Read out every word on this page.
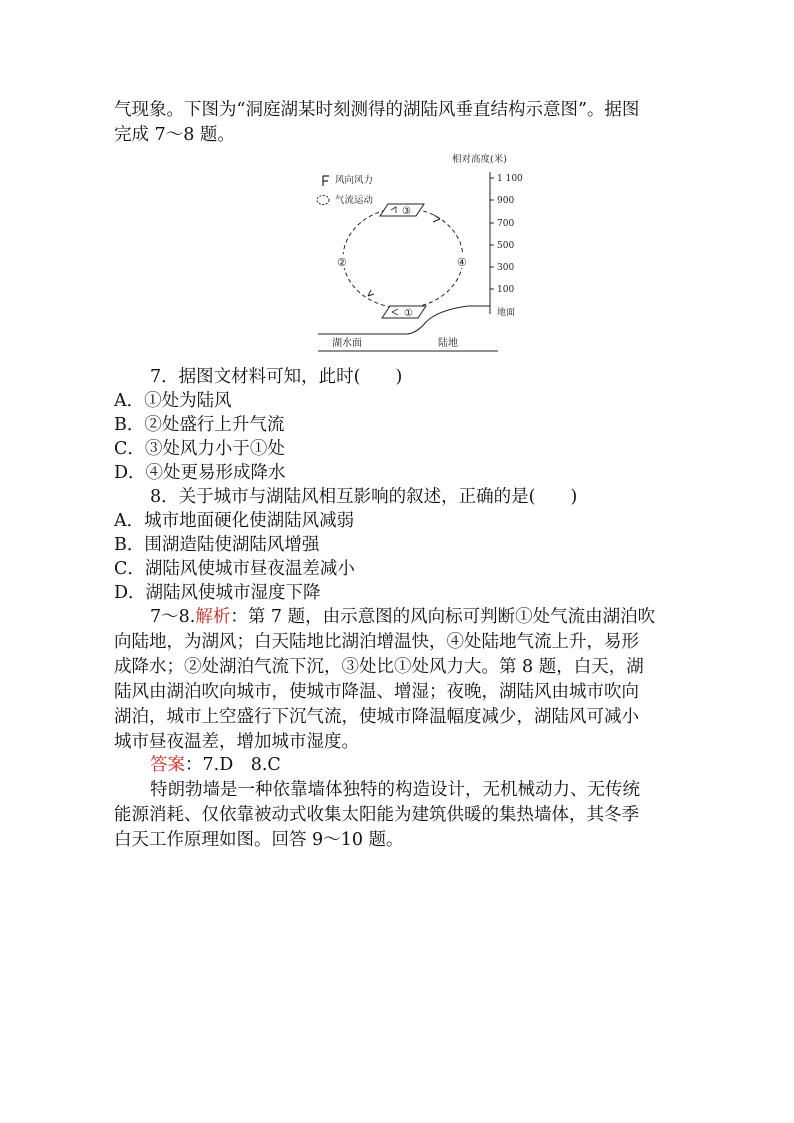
气现象。下图为“洞庭湖某时刻测得的湖陆风垂直结构示意图”。据图
完成 7～8 题。
相对高度(米)
1 100
900
700
500
300
100
地面
风向风力
气流运动
③
①
②	④
湖水面	陆地
7．据图文材料可知，此时(　　)
A．①处为陆风
B．②处盛行上升气流
C．③处风力小于①处
D．④处更易形成降水
8．关于城市与湖陆风相互影响的叙述，正确的是(　　)
A．城市地面硬化使湖陆风减弱
B．围湖造陆使湖陆风增强
C．湖陆风使城市昼夜温差减小
D．湖陆风使城市湿度下降
7～8.解析：第 7 题，由示意图的风向标可判断①处气流由湖泊吹
向陆地，为湖风；白天陆地比湖泊增温快，④处陆地气流上升，易形
成降水；②处湖泊气流下沉，③处比①处风力大。第 8 题，白天，湖
陆风由湖泊吹向城市，使城市降温、增湿；夜晚，湖陆风由城市吹向
湖泊，城市上空盛行下沉气流，使城市降温幅度减少，湖陆风可减小
城市昼夜温差，增加城市湿度。
答案：7.D　8.C
特朗勃墙是一种依靠墙体独特的构造设计，无机械动力、无传统
能源消耗、仅依靠被动式收集太阳能为建筑供暖的集热墙体，其冬季
白天工作原理如图。回答 9～10 题。
